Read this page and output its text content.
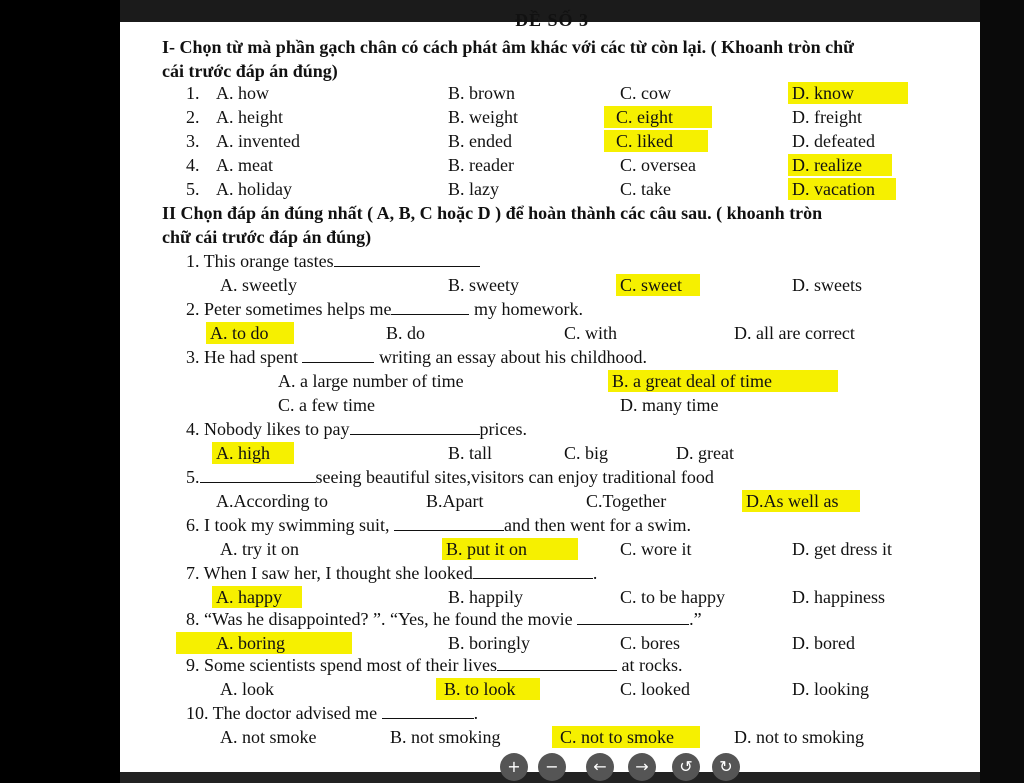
ĐỀ SỐ 3
I- Chọn từ mà phần gạch chân có cách phát âm khác với các từ còn lại. ( Khoanh tròn chữ
cái trước đáp án đúng)
1. A. how	B. brown	C. cow	D. know
2. A. height	B. weight	C. eight	D. freight
3. A. invented	B. ended	C. liked	D. defeated
4. A. meat	B. reader	C. oversea	D. realize
5. A. holiday	B. lazy	C. take	D. vacation
II Chọn đáp án đúng nhất ( A, B, C hoặc D ) để hoàn thành các câu sau. ( khoanh tròn
chữ cái trước đáp án đúng)
1. This orange tastes
A. sweetly	B. sweety	C. sweet	D. sweets
2. Peter sometimes helps me	my homework.
A. to do	B. do	C. with	D. all are correct
3. He had spent	writing an essay about his childhood.
A. a large number of time	B. a great deal of time
C. a few time	D. many time
4. Nobody likes to pay	prices.
A. high	B. tall	C. big	D. great
5.	seeing beautiful sites,visitors can enjoy traditional food
A.According to	B.Apart	C.Together	D.As well as
6. I took my swimming suit,	and then went for a swim.
A. try it on	B. put it on	C. wore it	D. get dress it
7. When I saw her, I thought she looked	.
A. happy	B. happily	C. to be happy	D. happiness
8. “Was he disappointed? ”. “Yes, he found the movie	.”
A. boring	B. boringly	C. bores	D. bored
9. Some scientists spend most of their lives	at rocks.
A. look	B. to look	C. looked	D. looking
10. The doctor advised me	.
A. not smoke	B. not smoking	C. not to smoke	D. not to smoking
+	−	←	→	↺	↻
